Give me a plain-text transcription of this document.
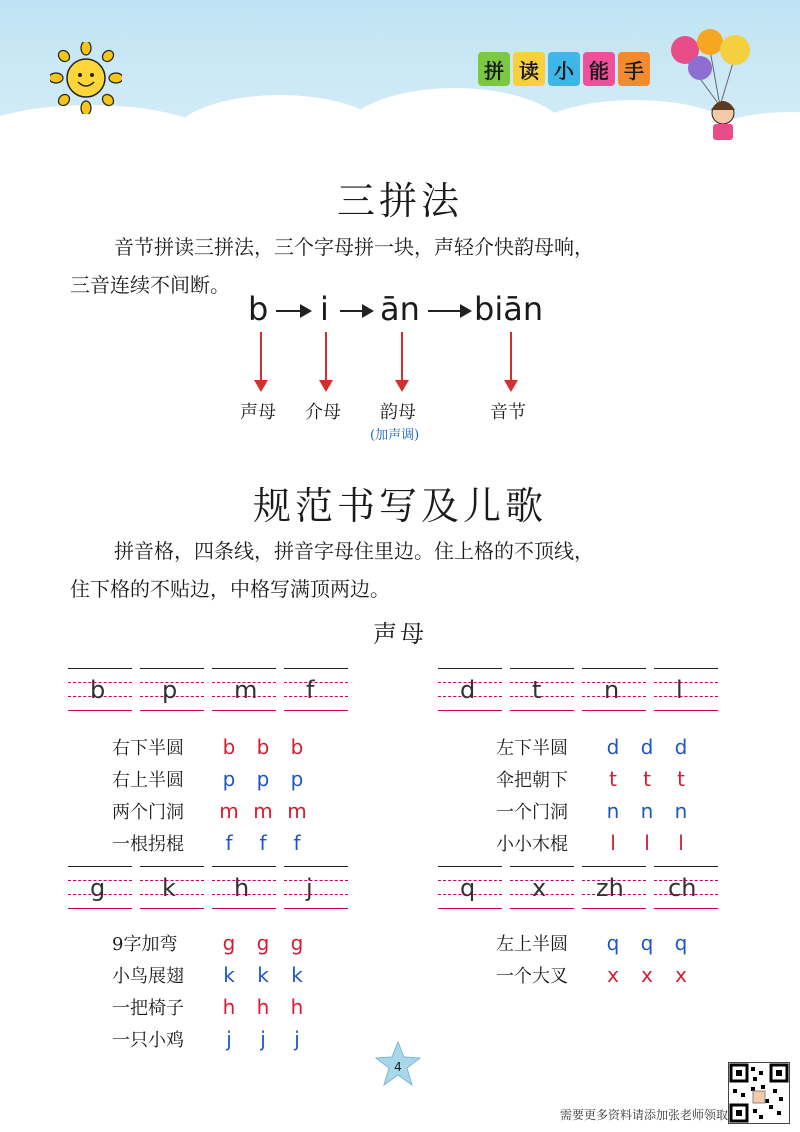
拼 读 小 能 手
三拼法
音节拼读三拼法，三个字母拼一块，声轻介快韵母响，
三音连续不间断。
b i ān biān
声母 介母 韵母
(加声调)
音节
规范书写及儿歌
拼音格，四条线，拼音字母住里边。住上格的不顶线，
住下格的不贴边，中格写满顶两边。
声母
b p m f	d t	n l
右下半圆	b	b	b
右上半圆	p	p	p
两个门洞	m m m
一根拐棍	f	f	f
左下半圆	d	d	d
伞把朝下	t	t	t
一个门洞	n	n	n
小小木棍	l	l	l
g k h j	q x zh ch
9字加弯	g	g	g
小鸟展翅	k	k	k
一把椅子	h	h	h
一只小鸡	j	j	j
左上半圆	q	q	q
一个大叉	x	x	x
4
需要更多资料请添加张老师领取
